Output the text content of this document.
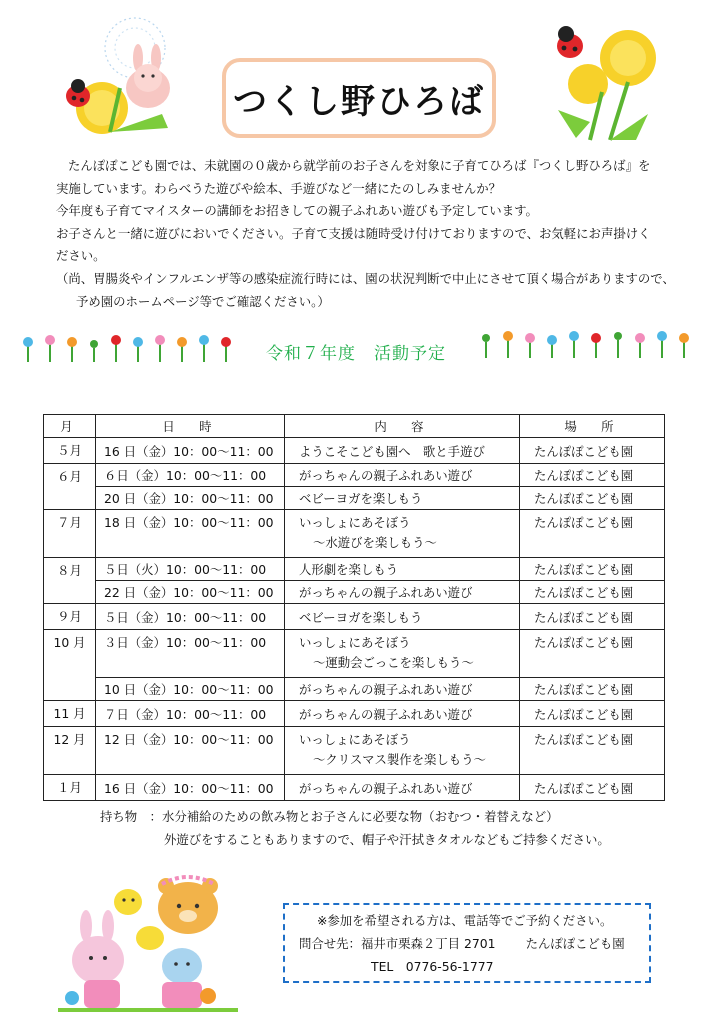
つくし野ひろば

たんぽぽこども園では、未就園の０歳から就学前のお子さんを対象に子育てひろば『つくし野ひろば』を

実施しています。わらべうた遊びや絵本、手遊びなど一緒にたのしみませんか？

今年度も子育てマイスターの講師をお招きしての親子ふれあい遊びも予定しています。

お子さんと一緒に遊びにおいでください。子育て支援は随時受け付けておりますので、お気軽にお声掛けく

ださい。

（尚、胃腸炎やインフルエンザ等の感染症流行時には、園の状況判断で中止にさせて頂く場合がありますので、

予め園のホームページ等でご確認ください。）

令和７年度　活動予定
月	日　時	内　容	場　所
５月	16 日（金）10：00～11：00	ようこそこども園へ　歌と手遊び	たんぽぽこども園
６月	６日（金）10：00～11：00	がっちゃんの親子ふれあい遊び	たんぽぽこども園
	20 日（金）10：00～11：00	ベビーヨガを楽しもう	たんぽぽこども園
７月	18 日（金）10：00～11：00	いっしょにあそぼう
～水遊びを楽しもう～	たんぽぽこども園
８月	５日（火）10：00～11：00	人形劇を楽しもう	たんぽぽこども園
	22 日（金）10：00～11：00	がっちゃんの親子ふれあい遊び	たんぽぽこども園
９月	５日（金）10：00～11：00	ベビーヨガを楽しもう	たんぽぽこども園
10 月	３日（金）10：00～11：00	いっしょにあそぼう
～運動会ごっこを楽しもう～	たんぽぽこども園
	10 日（金）10：00～11：00	がっちゃんの親子ふれあい遊び	たんぽぽこども園
11 月	７日（金）10：00～11：00	がっちゃんの親子ふれあい遊び	たんぽぽこども園
12 月	12 日（金）10：00～11：00	いっしょにあそぼう
～クリスマス製作を楽しもう～	たんぽぽこども園
１月	16 日（金）10：00～11：00	がっちゃんの親子ふれあい遊び	たんぽぽこども園
持ち物　： 水分補給のための飲み物とお子さんに必要な物（おむつ・着替えなど）
外遊びをすることもありますので、帽子や汗拭きタオルなどもご持参ください。
※参加を希望される方は、電話等でご予約ください。
問合せ先：福井市栗森２丁目 2701 たんぽぽこども園
TEL　0776-56-1777
